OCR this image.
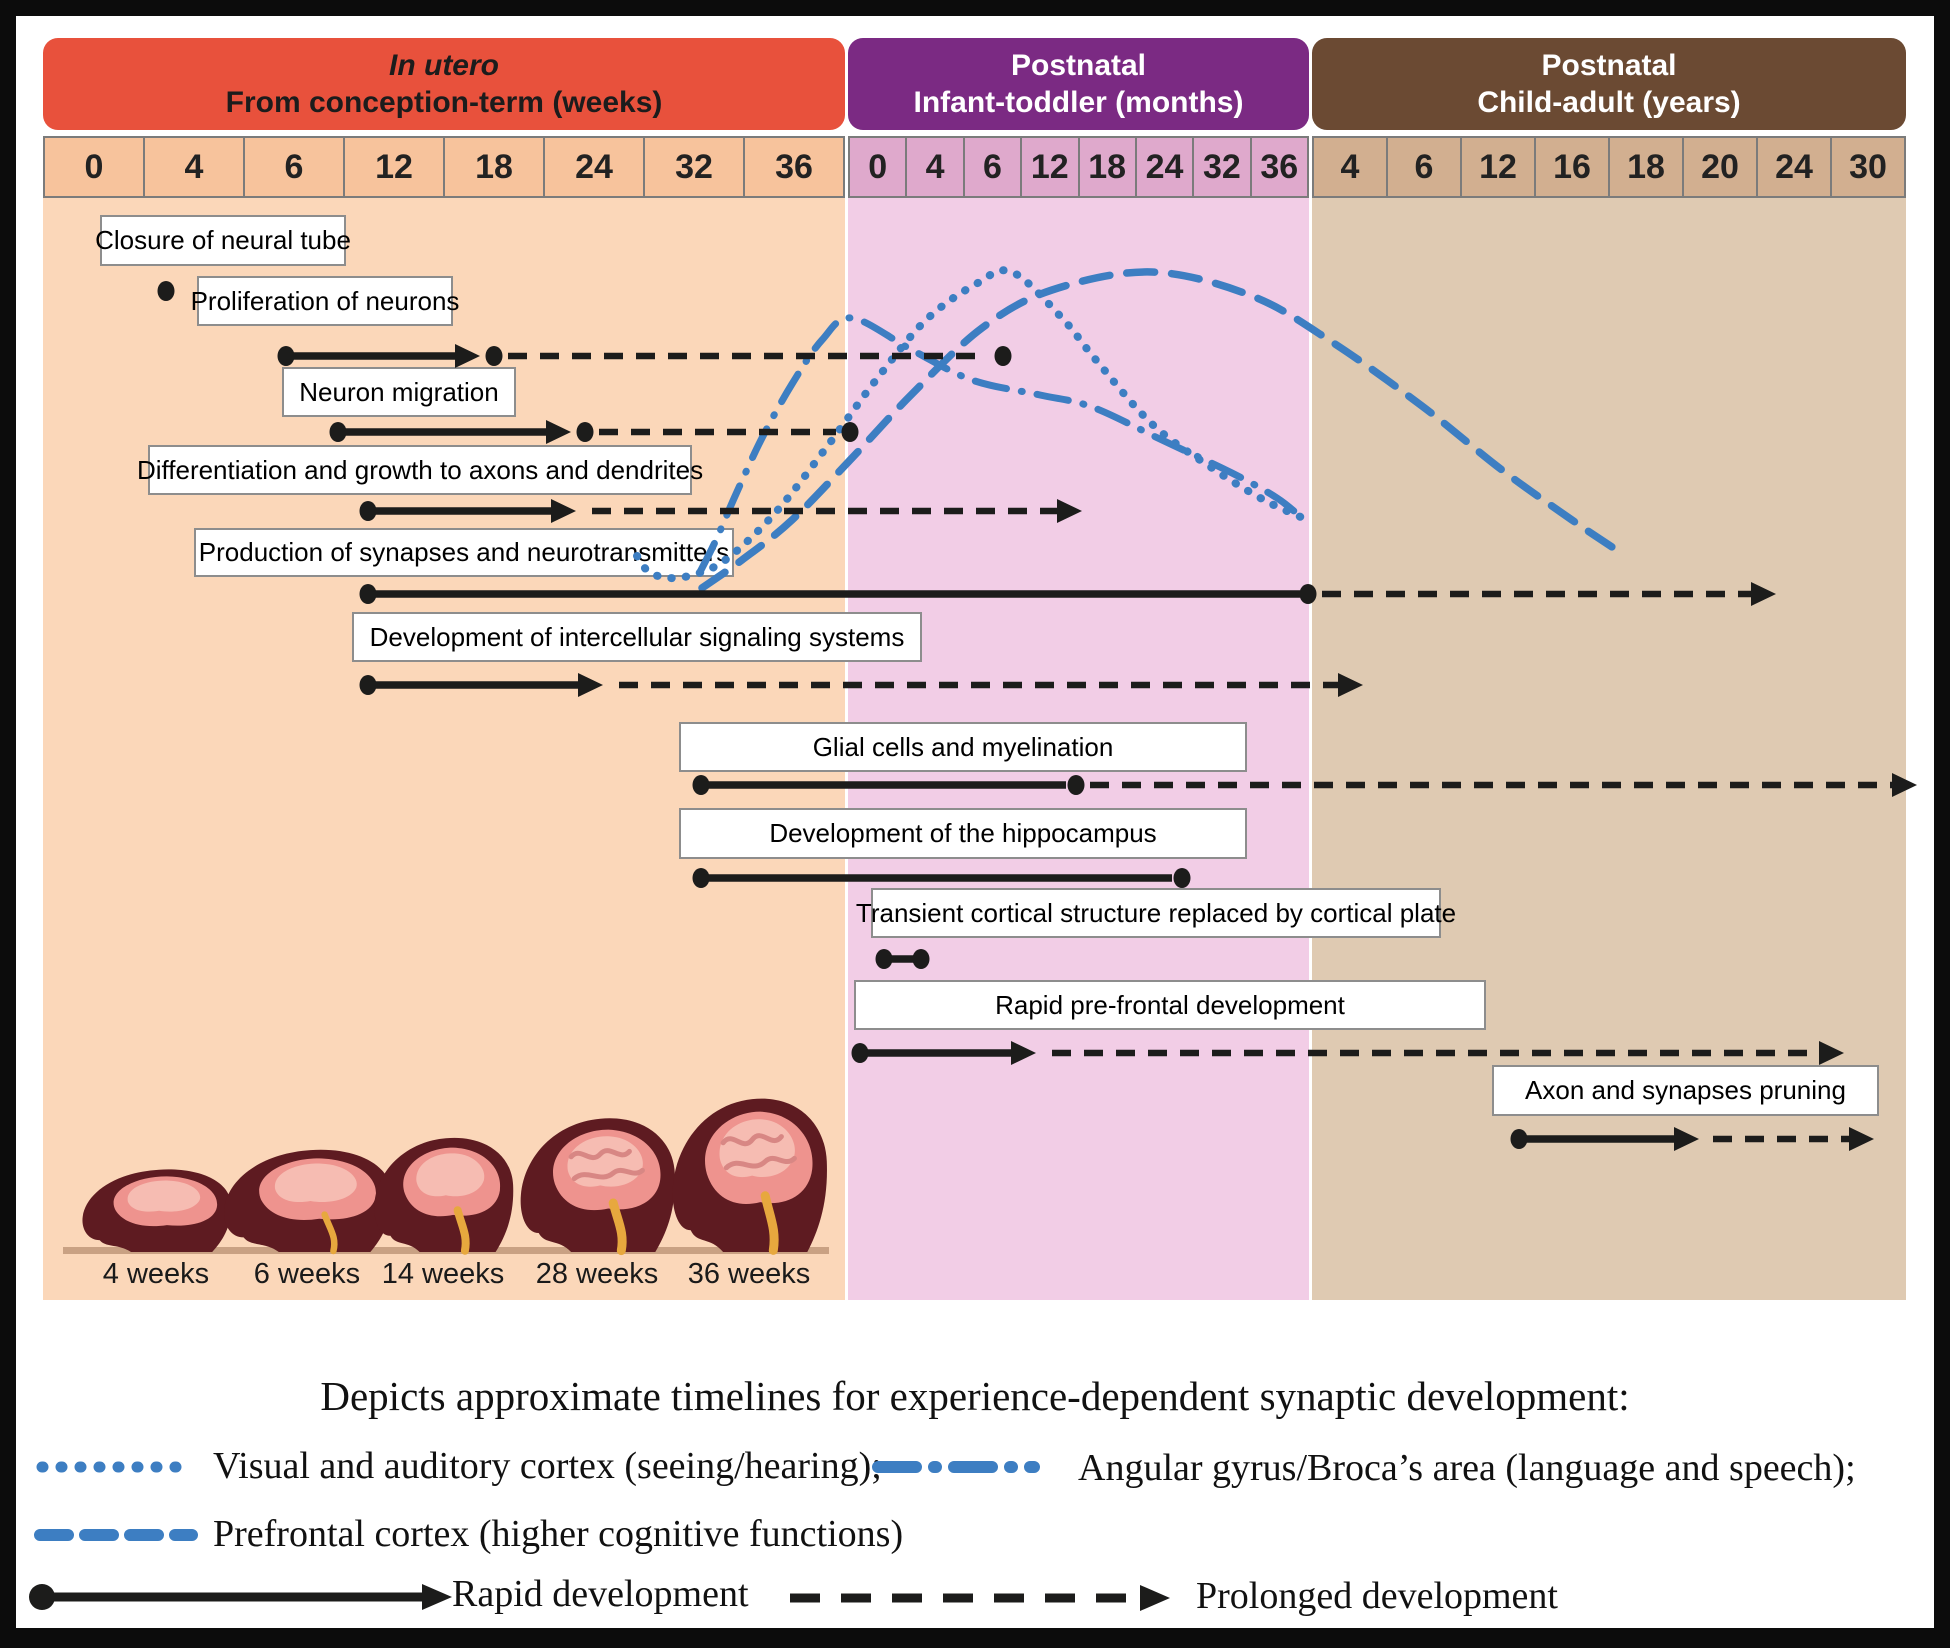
In utero
From conception-term (weeks)
Postnatal
Infant-toddler (months)
Postnatal
Child-adult (years)
0	4	6	12	18	24	32	36	0	4	6 12 18 24 32 36	4	6	12	16	18	20	24	30
Closure of neural tube
Proliferation of neurons
Neuron migration
Differentiation and growth to axons and dendrites
Production of synapses and neurotransmitters
Development of intercellular signaling systems
Glial cells and myelination
Development of the hippocampus
Transient cortical structure replaced by cortical plate
Rapid pre-frontal development
Axon and synapses pruning
4 weeks	6 weeks 14 weeks	28 weeks	36 weeks
Depicts approximate timelines for experience-dependent synaptic development:
Visual and auditory cortex (seeing/hearing);	Angular gyrus/Broca’s area (language and speech);
Prefrontal cortex (higher cognitive functions)
Rapid development	Prolonged development
